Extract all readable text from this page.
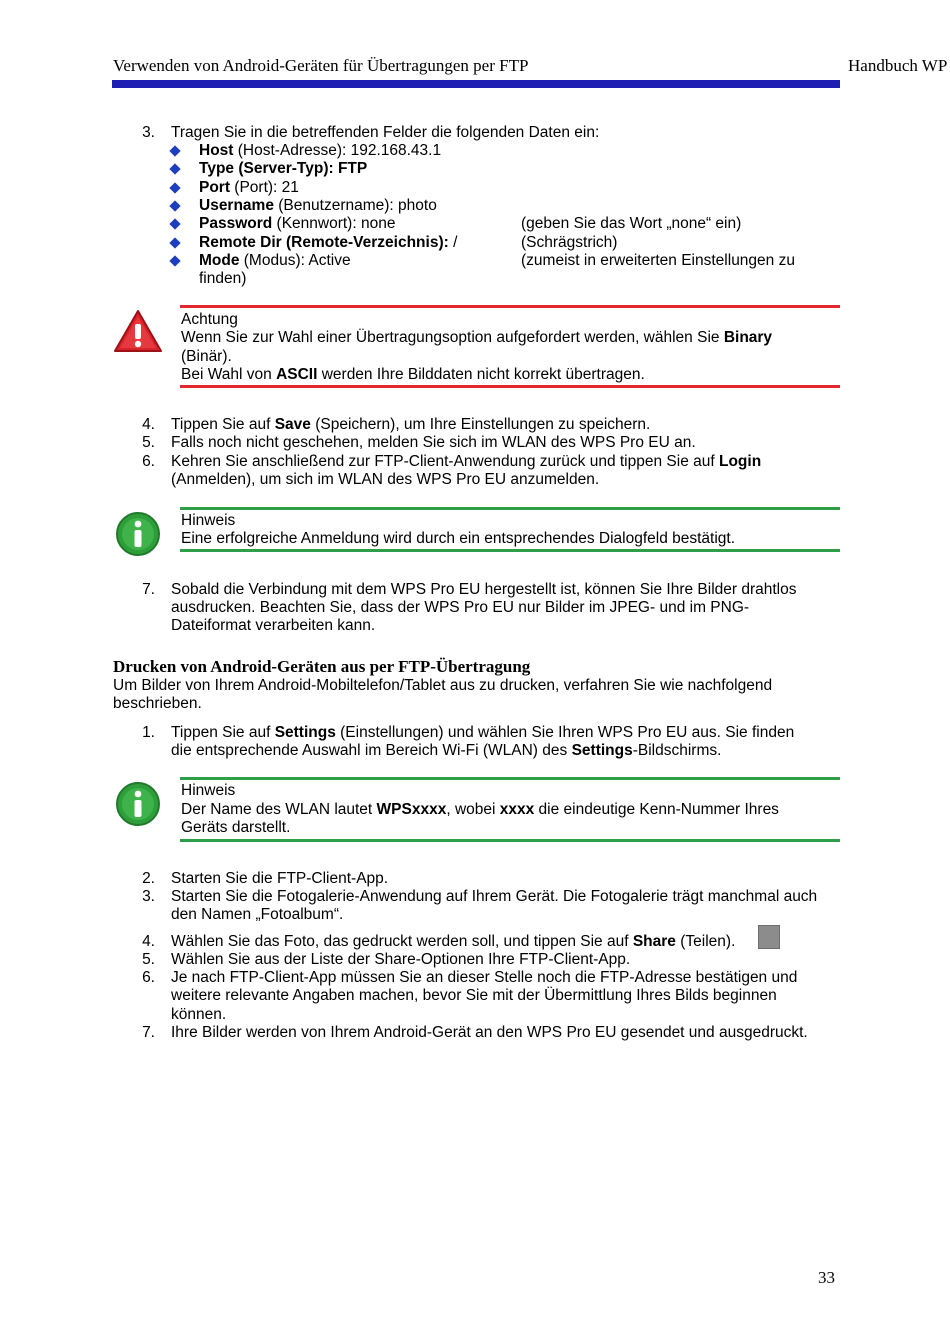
Verwenden von Android-Geräten für Übertragungen per FTP	Handbuch WP
3. Tragen Sie in die betreffenden Felder die folgenden Daten ein:
Host (Host-Adresse): 192.168.43.1
Type (Server-Typ): FTP
Port (Port): 21
Username (Benutzername): photo
Password (Kennwort): none	(geben Sie das Wort „none“ ein)
Remote Dir (Remote-Verzeichnis): /	(Schrägstrich)
Mode (Modus): Active	(zumeist in erweiterten Einstellungen zu
finden)
Achtung
Wenn Sie zur Wahl einer Übertragungsoption aufgefordert werden, wählen Sie Binary
(Binär).
Bei Wahl von ASCII werden Ihre Bilddaten nicht korrekt übertragen.
4. Tippen Sie auf Save (Speichern), um Ihre Einstellungen zu speichern.
5. Falls noch nicht geschehen, melden Sie sich im WLAN des WPS Pro EU an.
6. Kehren Sie anschließend zur FTP-Client-Anwendung zurück und tippen Sie auf Login
(Anmelden), um sich im WLAN des WPS Pro EU anzumelden.
Hinweis
Eine erfolgreiche Anmeldung wird durch ein entsprechendes Dialogfeld bestätigt.
7. Sobald die Verbindung mit dem WPS Pro EU hergestellt ist, können Sie Ihre Bilder drahtlos
ausdrucken. Beachten Sie, dass der WPS Pro EU nur Bilder im JPEG- und im PNG-
Dateiformat verarbeiten kann.
Drucken von Android-Geräten aus per FTP-Übertragung
Um Bilder von Ihrem Android-Mobiltelefon/Tablet aus zu drucken, verfahren Sie wie nachfolgend
beschrieben.
1. Tippen Sie auf Settings (Einstellungen) und wählen Sie Ihren WPS Pro EU aus. Sie finden
die entsprechende Auswahl im Bereich Wi-Fi (WLAN) des Settings-Bildschirms.
Hinweis
Der Name des WLAN lautet WPSxxxx, wobei xxxx die eindeutige Kenn-Nummer Ihres
Geräts darstellt.
2. Starten Sie die FTP-Client-App.
3. Starten Sie die Fotogalerie-Anwendung auf Ihrem Gerät. Die Fotogalerie trägt manchmal auch
den Namen „Fotoalbum“.
4. Wählen Sie das Foto, das gedruckt werden soll, und tippen Sie auf Share (Teilen).
5. Wählen Sie aus der Liste der Share-Optionen Ihre FTP-Client-App.
6. Je nach FTP-Client-App müssen Sie an dieser Stelle noch die FTP-Adresse bestätigen und
weitere relevante Angaben machen, bevor Sie mit der Übermittlung Ihres Bilds beginnen
können.
7. Ihre Bilder werden von Ihrem Android-Gerät an den WPS Pro EU gesendet und ausgedruckt.
33
